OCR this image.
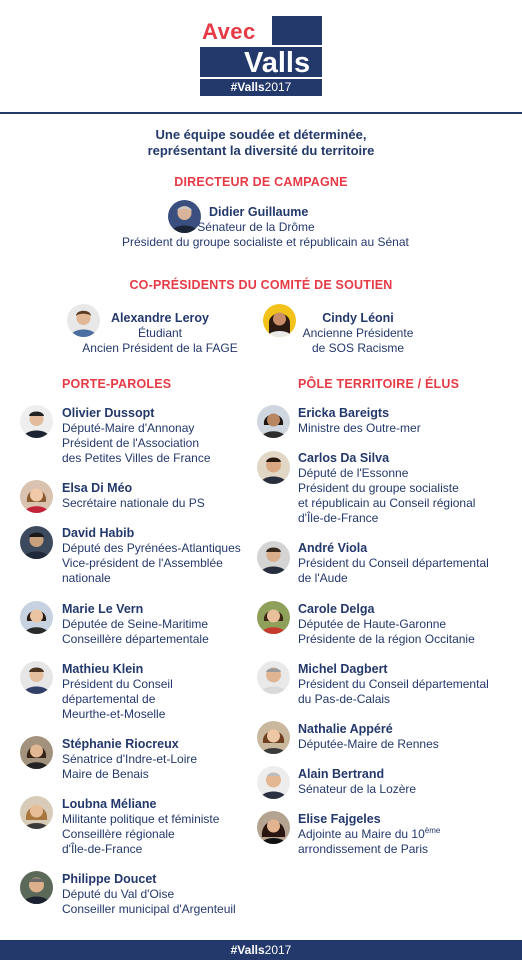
Avec
Valls
#Valls2017
Une équipe soudée et déterminée,
représentant la diversité du territoire
DIRECTEUR DE CAMPAGNE
Didier Guillaume
Sénateur de la Drôme
Président du groupe socialiste et républicain au Sénat
CO-PRÉSIDENTS DU COMITÉ DE SOUTIEN
Alexandre Leroy
Étudiant
Ancien Président de la FAGE
Cindy Léoni
Ancienne Présidente
de SOS Racisme
PORTE-PAROLES
Olivier Dussopt
Député-Maire d'Annonay
Président de l'Association
des Petites Villes de France
Elsa Di Méo
Secrétaire nationale du PS
David Habib
Député des Pyrénées-Atlantiques
Vice-président de l'Assemblée
nationale
Marie Le Vern
Députée de Seine-Maritime
Conseillère départementale
Mathieu Klein
Président du Conseil
départemental de
Meurthe-et-Moselle
Stéphanie Riocreux
Sénatrice d'Indre-et-Loire
Maire de Benais
Loubna Méliane
Militante politique et féministe
Conseillère régionale
d'Île-de-France
Philippe Doucet
Député du Val d'Oise
Conseiller municipal d'Argenteuil
PÔLE TERRITOIRE / ÉLUS
Ericka Bareigts
Ministre des Outre-mer
Carlos Da Silva
Député de l'Essonne
Président du groupe socialiste
et républicain au Conseil régional
d'Île-de-France
André Viola
Président du Conseil départemental
de l'Aude
Carole Delga
Députée de Haute-Garonne
Présidente de la région Occitanie
Michel Dagbert
Président du Conseil départemental
du Pas-de-Calais
Nathalie Appéré
Députée-Maire de Rennes
Alain Bertrand
Sénateur de la Lozère
Elise Fajgeles
Adjointe au Maire du 10ème
arrondissement de Paris
#Valls2017
